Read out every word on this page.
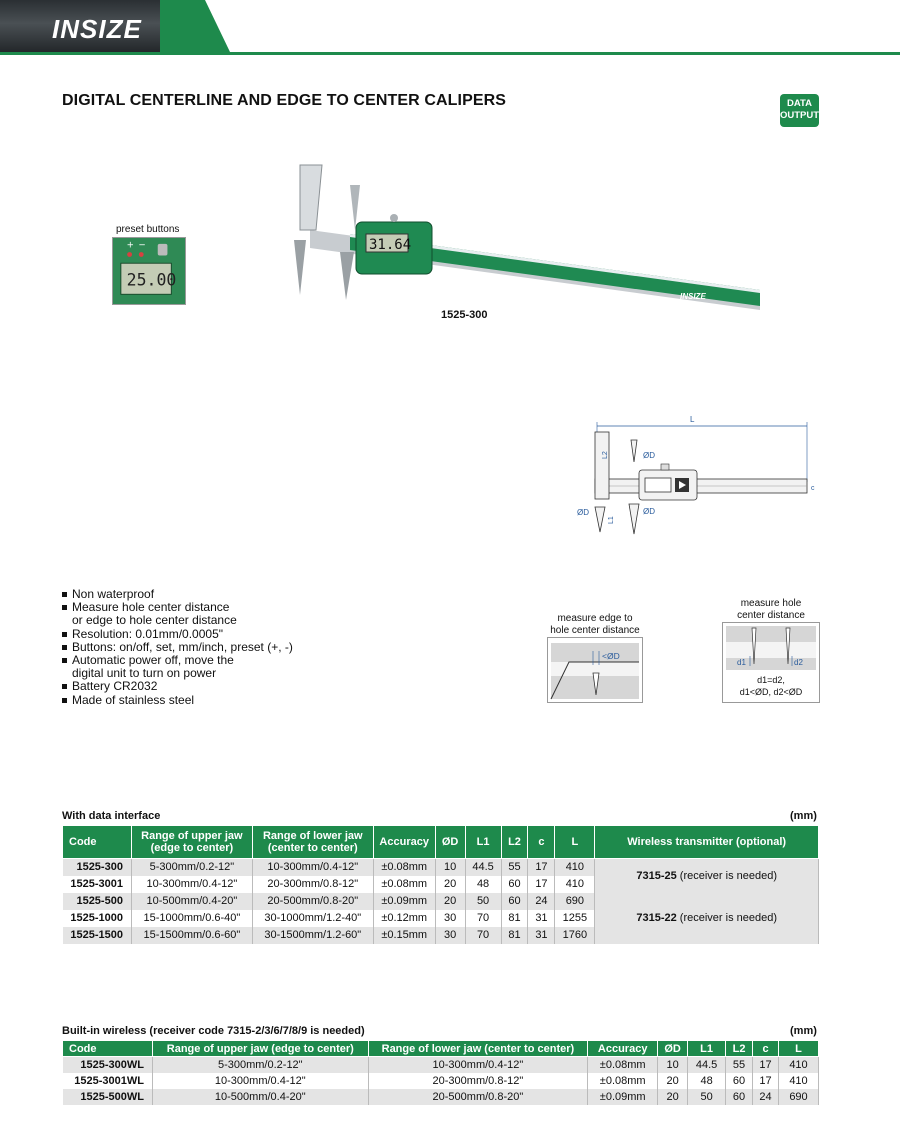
INSIZE
DIGITAL CENTERLINE AND EDGE TO CENTER CALIPERS	DATA
OUTPUT
preset buttons
+ −
25.00
31.64
INSIZE
1525-300
L
c
L2
L1
ØD
ØD
ØD
Non waterproof
Measure hole center distance
or edge to hole center distance
Resolution: 0.01mm/0.0005"
Buttons: on/off, set, mm/inch, preset (+, -)
Automatic power off, move the
digital unit to turn on power
Battery CR2032
Made of stainless steel
measure edge to
hole center distance
<ØD
measure hole
center distance
d1	d2
d1=d2,
d1<ØD, d2<ØD
With data interface	(mm)
Code	Range of upper jaw (edge to center)	Range of lower jaw (center to center)	Accuracy	ØD	L1	L2	c	L	Wireless transmitter (optional)
1525-300	5-300mm/0.2-12"	10-300mm/0.4-12"	±0.08mm	10	44.5	55	17	410	7315-25 (receiver is needed)
1525-3001	10-300mm/0.4-12"	20-300mm/0.8-12"	±0.08mm	20	48	60	17	410	
1525-500	10-500mm/0.4-20"	20-500mm/0.8-20"	±0.09mm	20	50	60	24	690	7315-22 (receiver is needed)
1525-1000	15-1000mm/0.6-40"	30-1000mm/1.2-40"	±0.12mm	30	70	81	31	1255	
1525-1500	15-1500mm/0.6-60"	30-1500mm/1.2-60"	±0.15mm	30	70	81	31	1760	
Built-in wireless (receiver code 7315-2/3/6/7/8/9 is needed)	(mm)
Code	Range of upper jaw (edge to center)	Range of lower jaw (center to center)	Accuracy	ØD	L1	L2	c	L
1525-300WL	5-300mm/0.2-12"	10-300mm/0.4-12"	±0.08mm	10	44.5	55	17	410
1525-3001WL	10-300mm/0.4-12"	20-300mm/0.8-12"	±0.08mm	20	48	60	17	410
1525-500WL	10-500mm/0.4-20"	20-500mm/0.8-20"	±0.09mm	20	50	60	24	690
